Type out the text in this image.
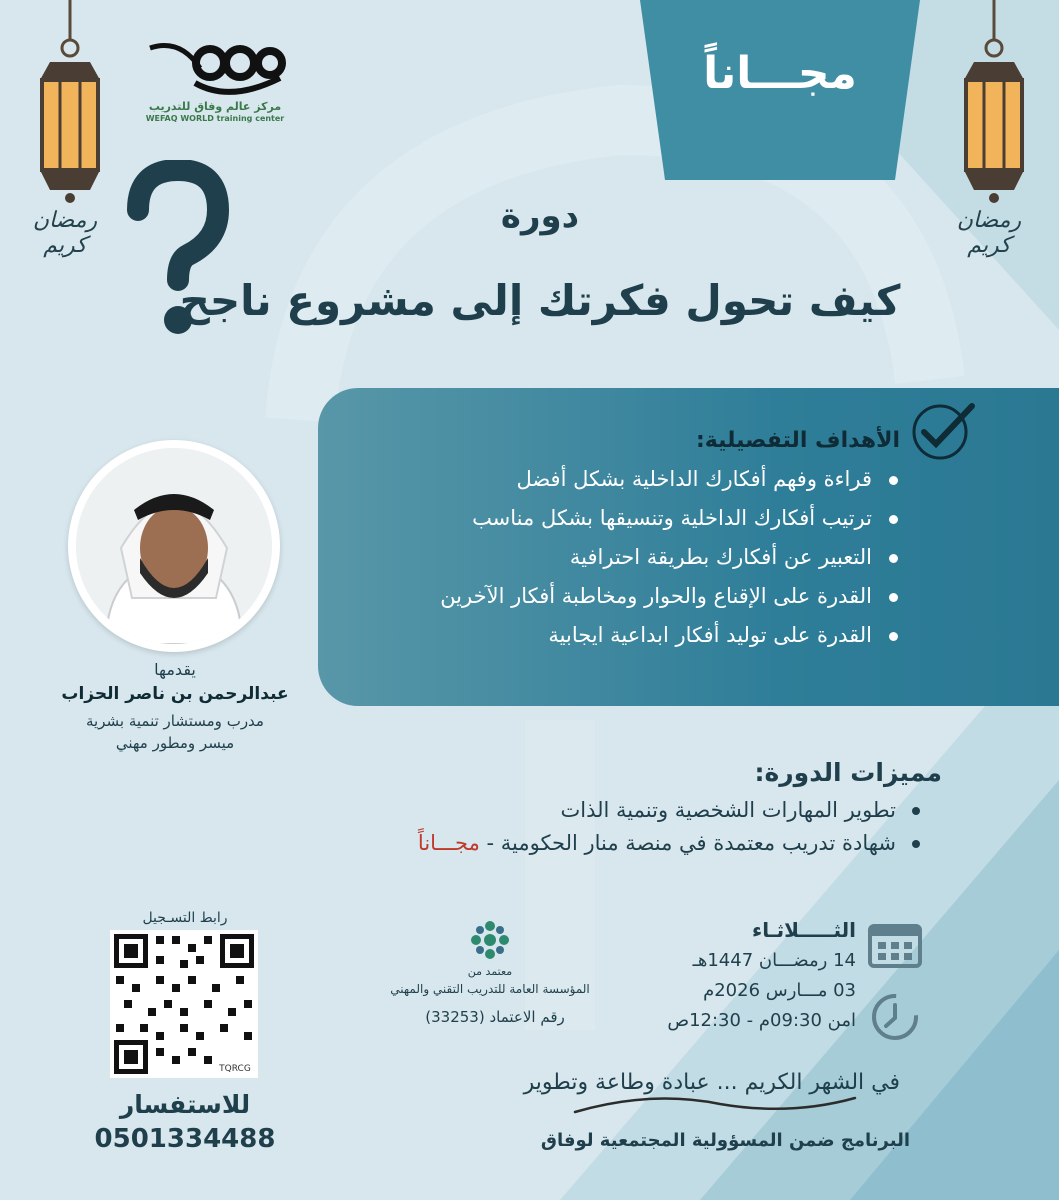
مجـــاناً
رمضان كريم
رمضان كريم
مركز عالم وفاق للتدريب
WEFAQ WORLD training center
دورة
كيف تحول فكرتك إلى مشروع ناجح
الأهداف التفصيلية:
قراءة وفهم أفكارك الداخلية بشكل أفضل
ترتيب أفكارك الداخلية وتنسيقها بشكل مناسب
التعبير عن أفكارك بطريقة احترافية
القدرة على الإقناع والحوار ومخاطبة أفكار الآخرين
القدرة على توليد أفكار ابداعية ايجابية
يقدمها
عبدالرحمن بن ناصر الحزاب
مدرب ومستشار تنمية بشرية
ميسر ومطور مهني
مميزات الدورة:
تطوير المهارات الشخصية وتنمية الذات
شهادة تدريب معتمدة في منصة منار الحكومية - مجـــاناً
الثـــــلاثـاء
14 رمضـــان 1447هـ
03 مـــارس 2026م
امن 09:30م - 12:30ص
معتمد من
المؤسسة العامة للتدريب التقني والمهني
رقم الاعتماد (33253)
رابط التسـجيل
TQRCG
للاستفسار
0501334488
في الشهر الكريم ... عبادة وطاعة وتطوير
البرنامج ضمن المسؤولية المجتمعية لوفاق
